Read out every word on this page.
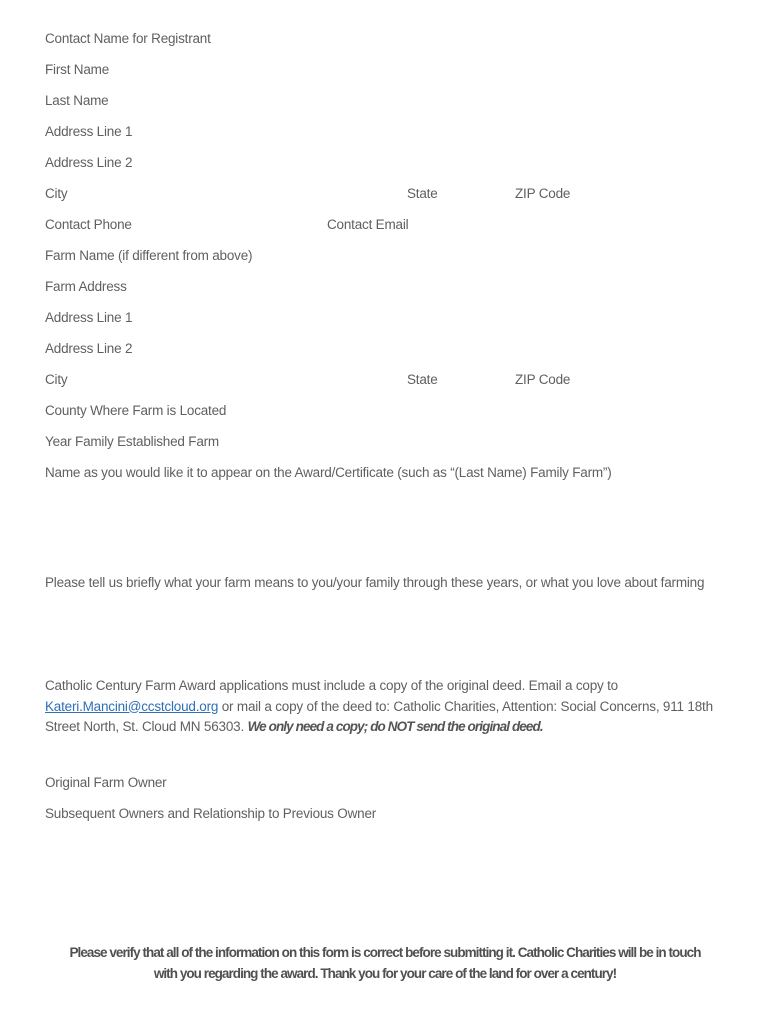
Contact Name for Registrant
First Name
Last Name
Address Line 1
Address Line 2
City	State	ZIP Code
Contact Phone	Contact Email
Farm Name (if different from above)
Farm Address
Address Line 1
Address Line 2
City	State	ZIP Code
County Where Farm is Located
Year Family Established Farm
Name as you would like it to appear on the Award/Certificate (such as “(Last Name) Family Farm”)
Please tell us briefly what your farm means to you/your family through these years, or what you love about farming
Catholic Century Farm Award applications must include a copy of the original deed. Email a copy to Kateri.Mancini@ccstcloud.org or mail a copy of the deed to: Catholic Charities, Attention: Social Concerns, 911 18th Street North, St. Cloud MN 56303. We only need a copy; do NOT send the original deed.
Original Farm Owner
Subsequent Owners and Relationship to Previous Owner
Please verify that all of the information on this form is correct before submitting it. Catholic Charities will be in touch
with you regarding the award. Thank you for your care of the land for over a century!
